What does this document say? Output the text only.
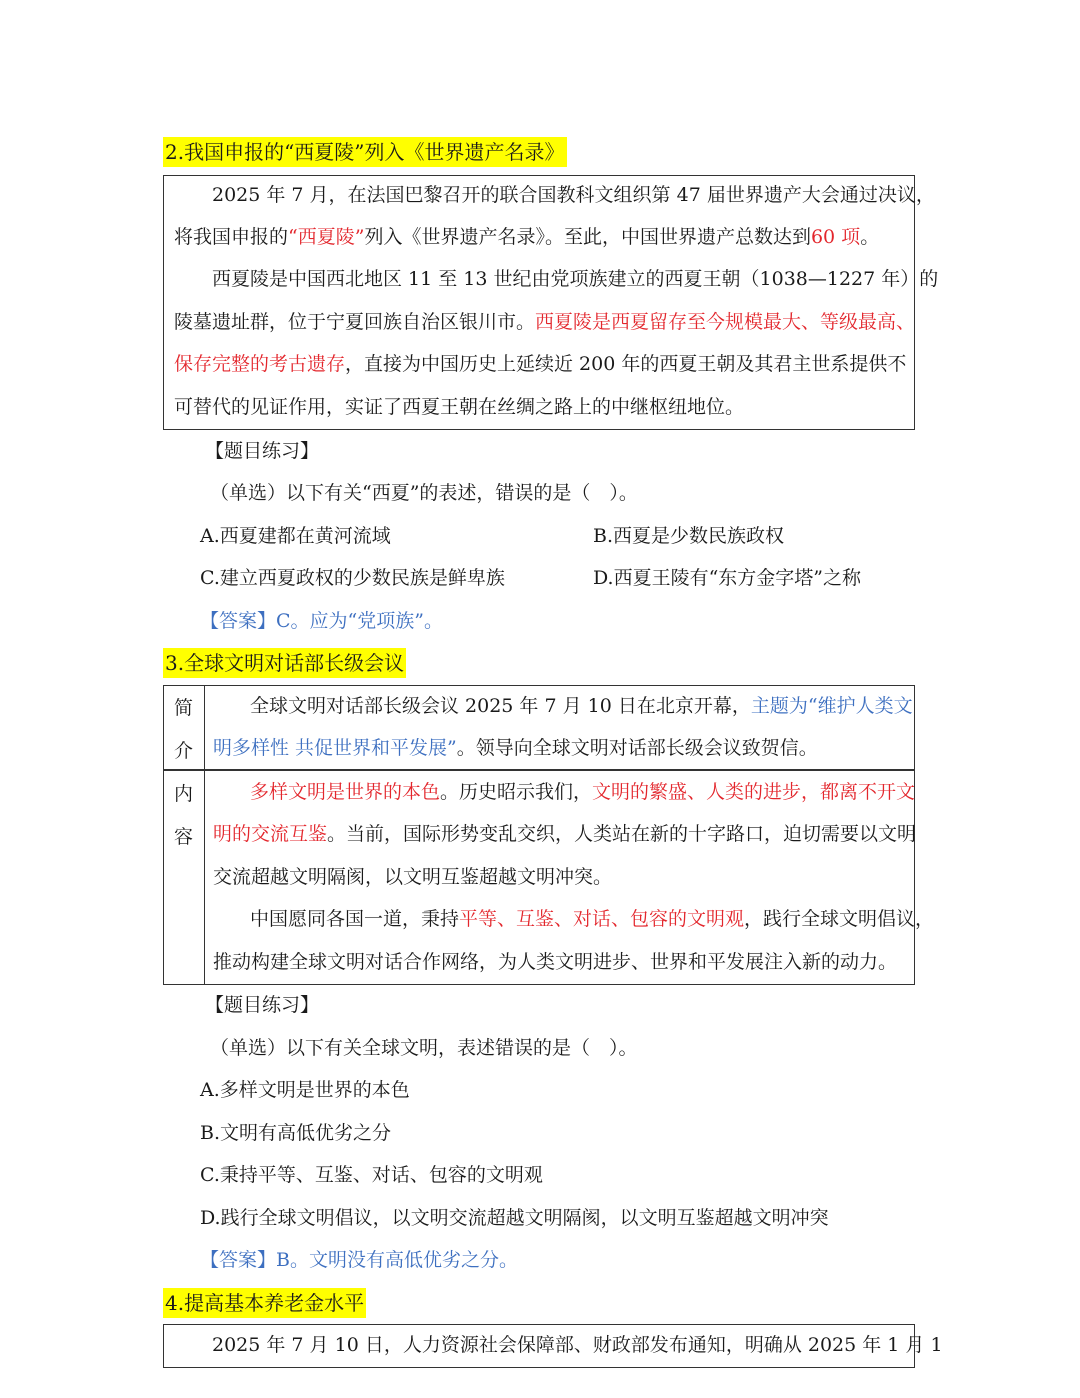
2.我国申报的“西夏陵”列入《世界遗产名录》
2025 年 7 月，在法国巴黎召开的联合国教科文组织第 47 届世界遗产大会通过决议，
将我国申报的“西夏陵”列入《世界遗产名录》。至此，中国世界遗产总数达到60 项。
西夏陵是中国西北地区 11 至 13 世纪由党项族建立的西夏王朝（1038—1227 年）的
陵墓遗址群，位于宁夏回族自治区银川市。西夏陵是西夏留存至今规模最大、等级最高、
保存完整的考古遗存，直接为中国历史上延续近 200 年的西夏王朝及其君主世系提供不
可替代的见证作用，实证了西夏王朝在丝绸之路上的中继枢纽地位。
【题目练习】
（单选）以下有关“西夏”的表述，错误的是（　）。
A.西夏建都在黄河流域	B.西夏是少数民族政权
C.建立西夏政权的少数民族是鲜卑族	D.西夏王陵有“东方金字塔”之称
【答案】C。应为“党项族”。
3.全球文明对话部长级会议
简
介
全球文明对话部长级会议 2025 年 7 月 10 日在北京开幕，主题为“维护人类文
明多样性 共促世界和平发展”。领导向全球文明对话部长级会议致贺信。
内
容
多样文明是世界的本色。历史昭示我们，文明的繁盛、人类的进步，都离不开文
明的交流互鉴。当前，国际形势变乱交织，人类站在新的十字路口，迫切需要以文明
交流超越文明隔阂，以文明互鉴超越文明冲突。
中国愿同各国一道，秉持平等、互鉴、对话、包容的文明观，践行全球文明倡议，
推动构建全球文明对话合作网络，为人类文明进步、世界和平发展注入新的动力。
【题目练习】
（单选）以下有关全球文明，表述错误的是（　）。
A.多样文明是世界的本色
B.文明有高低优劣之分
C.秉持平等、互鉴、对话、包容的文明观
D.践行全球文明倡议，以文明交流超越文明隔阂，以文明互鉴超越文明冲突
【答案】B。文明没有高低优劣之分。
4.提高基本养老金水平
2025 年 7 月 10 日，人力资源社会保障部、财政部发布通知，明确从 2025 年 1 月 1
